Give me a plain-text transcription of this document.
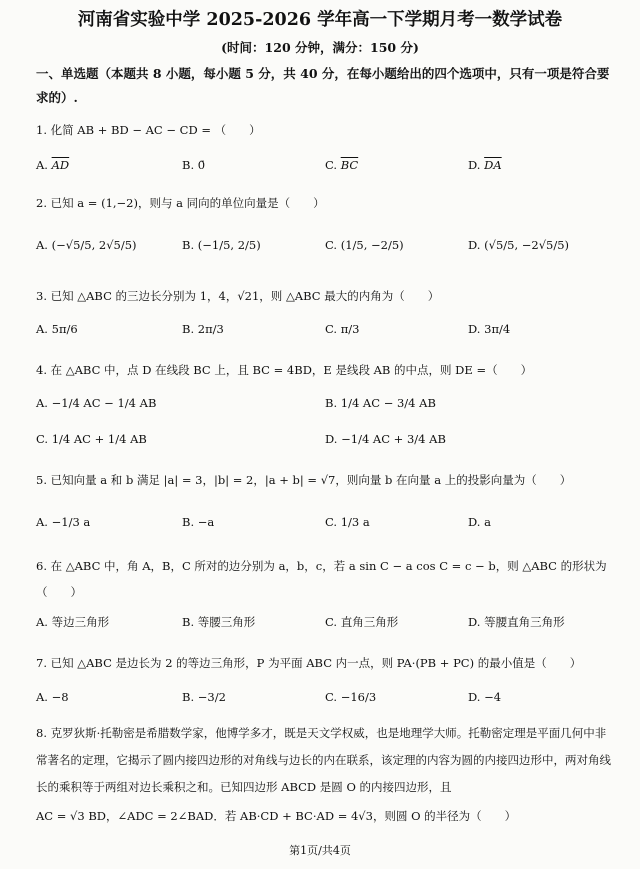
河南省实验中学 2025-2026 学年高一下学期月考一数学试卷
(时间：120 分钟，满分：150 分)
一、单选题（本题共 8 小题，每小题 5 分，共 40 分，在每小题给出的四个选项中，只有一项是符合要求的）.
1. 化简 AB + BD − AC − CD = （　　）
A. $\overline{AD}$	B. 0̄	C. $\overline{BC}$	D. $\overline{DA}$
2. 已知 a = (1,−2)，则与 a 同向的单位向量是（　　）
A. (−√5/5, 2√5/5)	B. (−1/5, 2/5)	C. (1/5, −2/5)	D. (√5/5, −2√5/5)
3. 已知 △ABC 的三边长分别为 1，4，√21，则 △ABC 最大的内角为（　　）
A. 5π/6	B. 2π/3	C. π/3	D. 3π/4
4. 在 △ABC 中，点 D 在线段 BC 上，且 BC = 4BD，E 是线段 AB 的中点，则 DE =（　　）
A. −1/4 AC − 1/4 AB	B. 1/4 AC − 3/4 AB
C. 1/4 AC + 1/4 AB	D. −1/4 AC + 3/4 AB
5. 已知向量 a 和 b 满足 |a| = 3，|b| = 2，|a + b| = √7，则向量 b 在向量 a 上的投影向量为（　　）
A. −1/3 a	B. −a	C. 1/3 a	D. a
6. 在 △ABC 中，角 A，B，C 所对的边分别为 a，b，c，若 a sin C − a cos C = c − b，则 △ABC 的形状为
（　　）
A. 等边三角形	B. 等腰三角形	C. 直角三角形	D. 等腰直角三角形
7. 已知 △ABC 是边长为 2 的等边三角形，P 为平面 ABC 内一点，则 PA·(PB + PC) 的最小值是（　　）
A. −8	B. −3/2	C. −16/3	D. −4
8. 克罗狄斯·托勒密是希腊数学家，他博学多才，既是天文学权威，也是地理学大师。托勒密定理是平面几何中非常著名的定理，它揭示了圆内接四边形的对角线与边长的内在联系，该定理的内容为圆的内接四边形中，两对角线长的乘积等于两组对边长乘积之和。已知四边形 ABCD 是圆 O 的内接四边形，且
AC = √3 BD，∠ADC = 2∠BAD．若 AB·CD + BC·AD = 4√3，则圆 O 的半径为（　　）
第1页/共4页
